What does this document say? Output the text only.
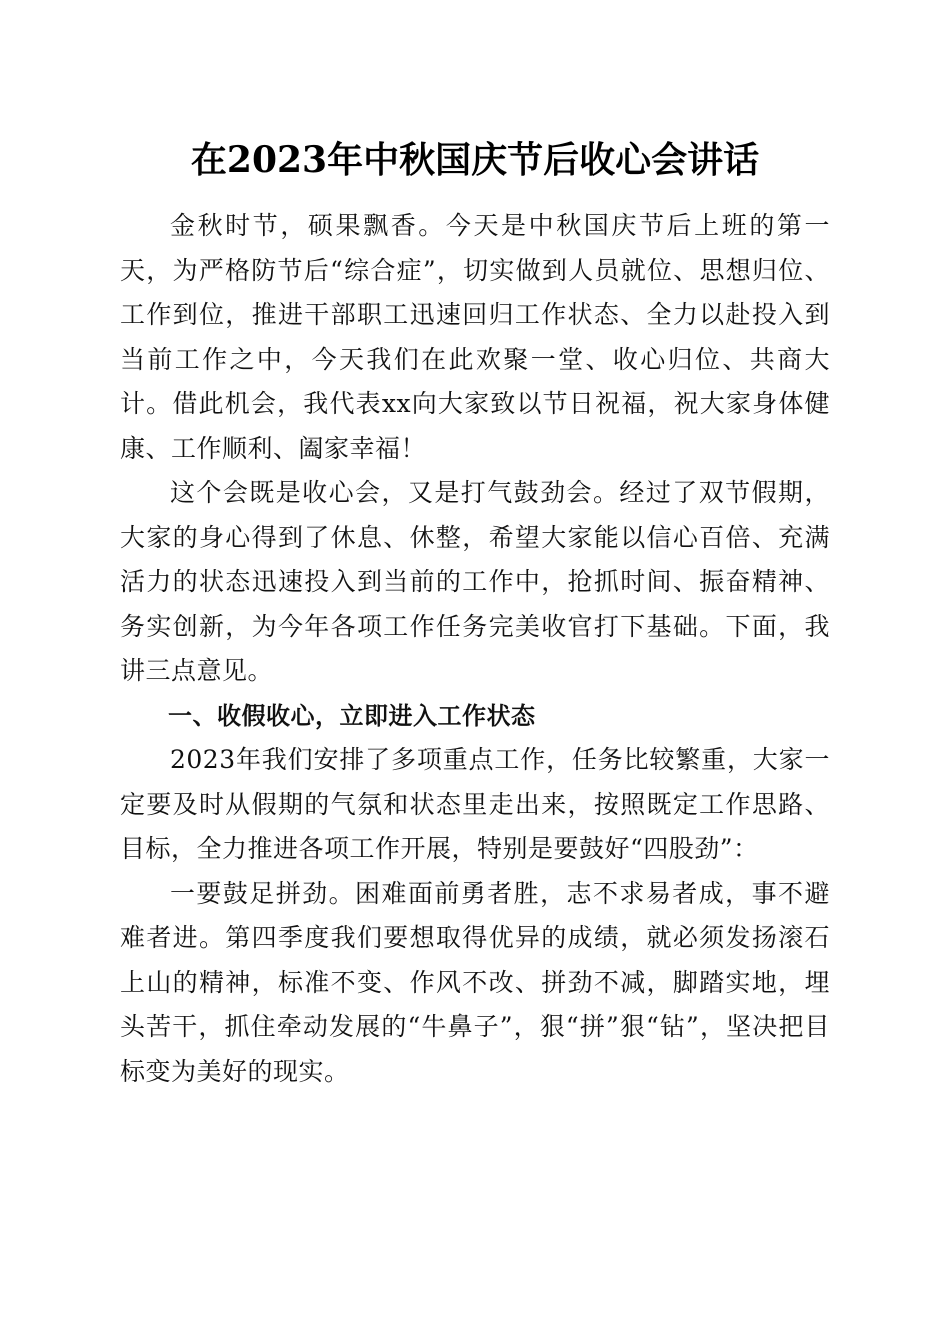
在2023年中秋国庆节后收心会讲话

金秋时节，硕果飘香。今天是中秋国庆节后上班的第一天，为严格防节后“综合症”，切实做到人员就位、思想归位、工作到位，推进干部职工迅速回归工作状态、全力以赴投入到当前工作之中，今天我们在此欢聚一堂、收心归位、共商大计。借此机会，我代表xx向大家致以节日祝福，祝大家身体健康、工作顺利、阖家幸福！

这个会既是收心会，又是打气鼓劲会。经过了双节假期，大家的身心得到了休息、休整，希望大家能以信心百倍、充满活力的状态迅速投入到当前的工作中，抢抓时间、振奋精神、务实创新，为今年各项工作任务完美收官打下基础。下面，我讲三点意见。

一、收假收心，立即进入工作状态

2023年我们安排了多项重点工作，任务比较繁重，大家一定要及时从假期的气氛和状态里走出来，按照既定工作思路、目标，全力推进各项工作开展，特别是要鼓好“四股劲”：

一要鼓足拼劲。困难面前勇者胜，志不求易者成，事不避难者进。第四季度我们要想取得优异的成绩，就必须发扬滚石上山的精神，标准不变、作风不改、拼劲不减，脚踏实地，埋头苦干，抓住牵动发展的“牛鼻子”，狠“拼”狠“钻”，坚决把目标变为美好的现实。
